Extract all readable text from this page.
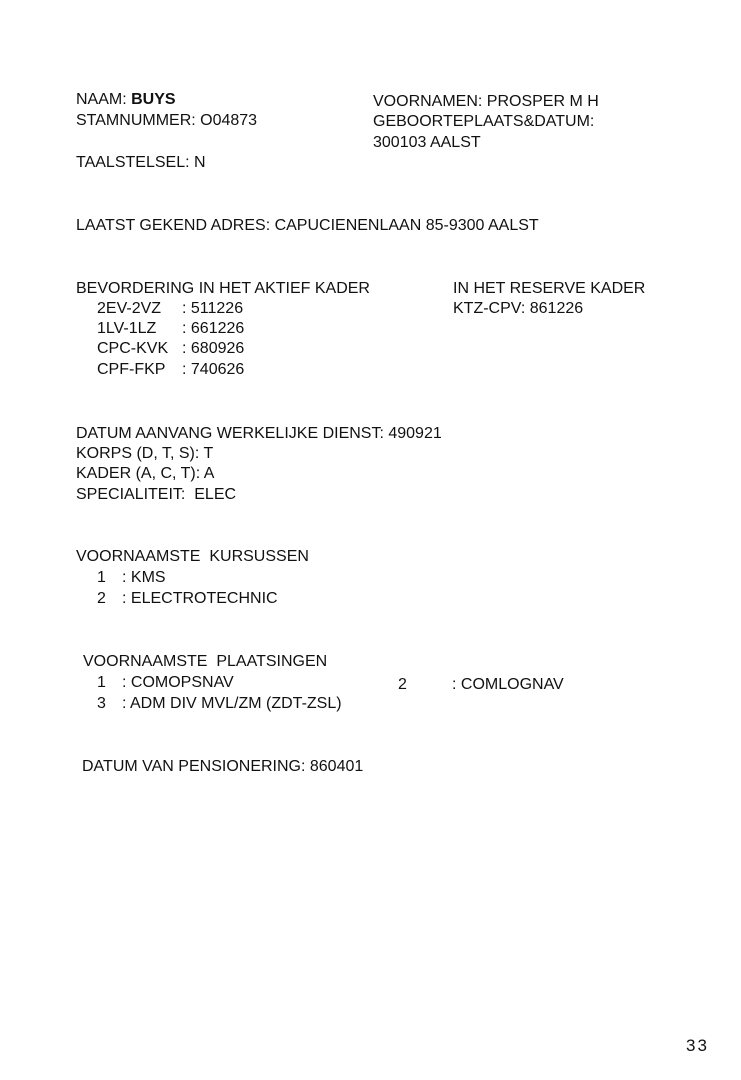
NAAM: BUYS
STAMNUMMER: O04873
TAALSTELSEL: N
VOORNAMEN: PROSPER M H
GEBOORTEPLAATS&DATUM:
300103 AALST
LAATST GEKEND ADRES: CAPUCIENENLAAN 85-9300 AALST
BEVORDERING IN HET AKTIEF KADER
2EV-2VZ : 511226
1LV-1LZ : 661226
CPC-KVK : 680926
CPF-FKP : 740626
IN HET RESERVE KADER
KTZ-CPV: 861226
DATUM AANVANG WERKELIJKE DIENST: 490921
KORPS (D, T, S): T
KADER (A, C, T): A
SPECIALITEIT:  ELEC
VOORNAAMSTE  KURSUSSEN
1 : KMS
2 : ELECTROTECHNIC
VOORNAAMSTE  PLAATSINGEN
1 : COMOPSNAV	2	: COMLOGNAV
3 : ADM DIV MVL/ZM (ZDT-ZSL)
DATUM VAN PENSIONERING: 860401
33
